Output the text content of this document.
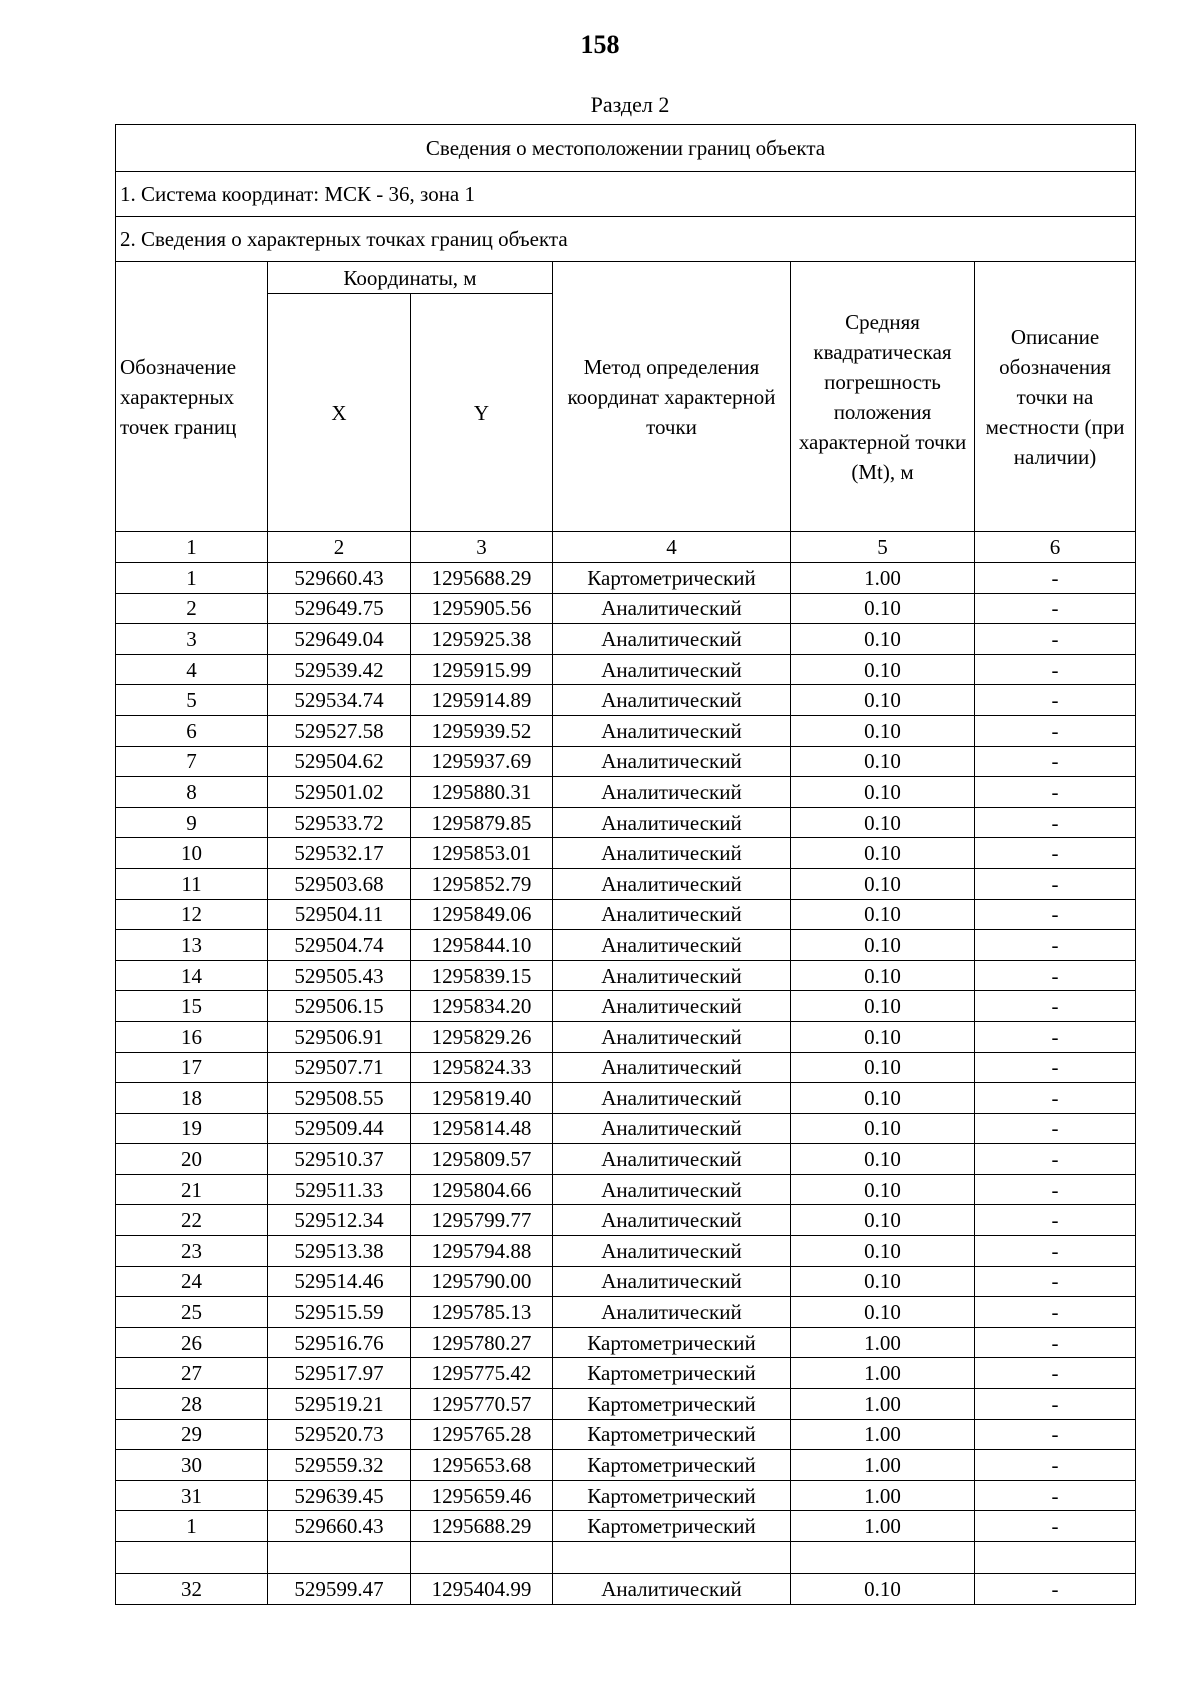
158
Раздел 2
Сведения о местоположении границ объекта					
1. Система координат: МСК - 36, зона 1					
2. Сведения о характерных точках границ объекта					
Обозначение характерных точек границ	Координаты, м		Метод определения координат характерной точки	Средняя квадратическая погрешность положения характерной точки (Mt), м	Описание обозначения точки на местности (при наличии)
	X	Y			
1	2	3	4	5	6
1	529660.43	1295688.29	Картометрический	1.00	-
2	529649.75	1295905.56	Аналитический	0.10	-
3	529649.04	1295925.38	Аналитический	0.10	-
4	529539.42	1295915.99	Аналитический	0.10	-
5	529534.74	1295914.89	Аналитический	0.10	-
6	529527.58	1295939.52	Аналитический	0.10	-
7	529504.62	1295937.69	Аналитический	0.10	-
8	529501.02	1295880.31	Аналитический	0.10	-
9	529533.72	1295879.85	Аналитический	0.10	-
10	529532.17	1295853.01	Аналитический	0.10	-
11	529503.68	1295852.79	Аналитический	0.10	-
12	529504.11	1295849.06	Аналитический	0.10	-
13	529504.74	1295844.10	Аналитический	0.10	-
14	529505.43	1295839.15	Аналитический	0.10	-
15	529506.15	1295834.20	Аналитический	0.10	-
16	529506.91	1295829.26	Аналитический	0.10	-
17	529507.71	1295824.33	Аналитический	0.10	-
18	529508.55	1295819.40	Аналитический	0.10	-
19	529509.44	1295814.48	Аналитический	0.10	-
20	529510.37	1295809.57	Аналитический	0.10	-
21	529511.33	1295804.66	Аналитический	0.10	-
22	529512.34	1295799.77	Аналитический	0.10	-
23	529513.38	1295794.88	Аналитический	0.10	-
24	529514.46	1295790.00	Аналитический	0.10	-
25	529515.59	1295785.13	Аналитический	0.10	-
26	529516.76	1295780.27	Картометрический	1.00	-
27	529517.97	1295775.42	Картометрический	1.00	-
28	529519.21	1295770.57	Картометрический	1.00	-
29	529520.73	1295765.28	Картометрический	1.00	-
30	529559.32	1295653.68	Картометрический	1.00	-
31	529639.45	1295659.46	Картометрический	1.00	-
1	529660.43	1295688.29	Картометрический	1.00	-

32	529599.47	1295404.99	Аналитический	0.10	-
